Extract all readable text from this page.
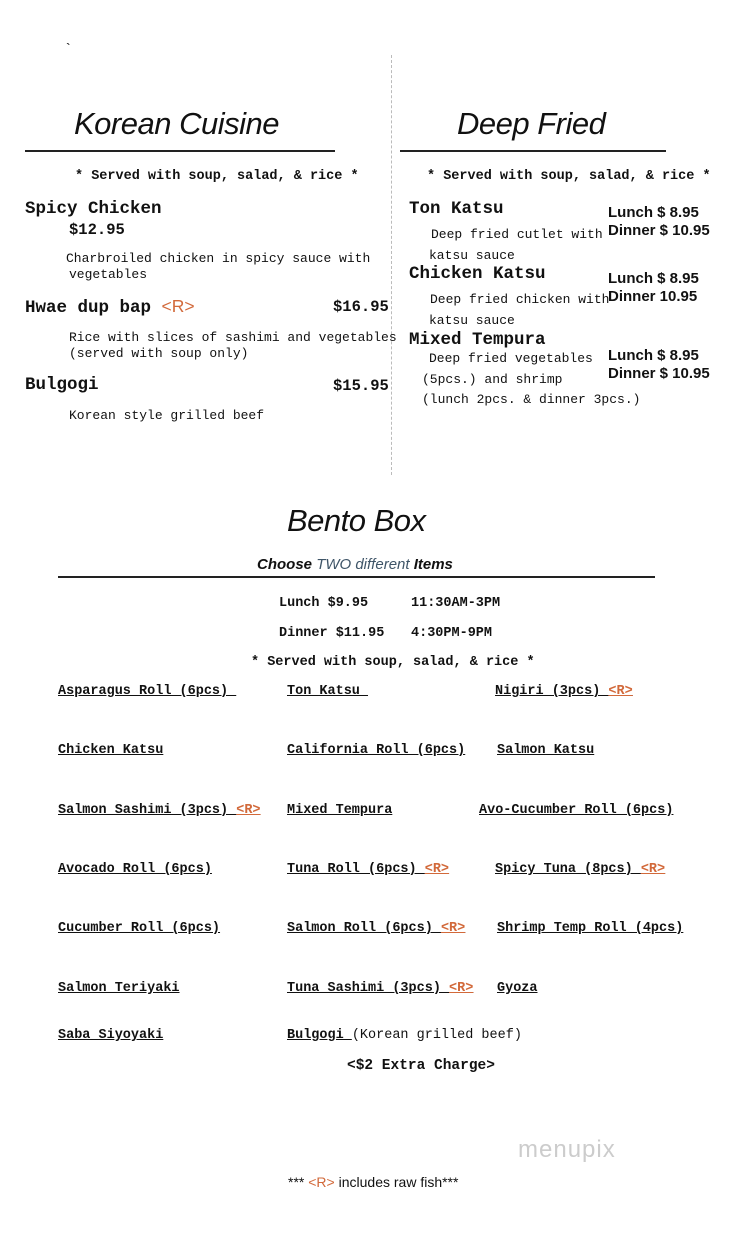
`
Korean Cuisine
* Served with soup, salad, & rice *
Spicy Chicken
$12.95
Charbroiled chicken in spicy sauce with
vegetables
Hwae dup bap <R>	$16.95
Rice with slices of sashimi and vegetables
(served with soup only)
Bulgogi	$15.95
Korean style grilled beef
Deep Fried
* Served with soup, salad, & rice *
Ton Katsu
Deep fried cutlet with
katsu sauce
Lunch $ 8.95
Dinner $ 10.95
Chicken Katsu
Deep fried chicken with
katsu sauce
Lunch $ 8.95
Dinner 10.95
Mixed Tempura
Deep fried vegetables
(5pcs.) and shrimp
(lunch 2pcs. & dinner 3pcs.)
Lunch $ 8.95
Dinner $ 10.95
Bento Box
Choose TWO different Items
Lunch $9.95	11:30AM-3PM
Dinner $11.95 4:30PM-9PM
* Served with soup, salad, & rice *
Asparagus Roll (6pcs)	Ton Katsu	Nigiri (3pcs) <R>
Chicken Katsu	California Roll (6pcs) Salmon Katsu
Salmon Sashimi (3pcs) <R> Mixed Tempura	Avo-Cucumber Roll (6pcs)
Avocado Roll (6pcs)	Tuna Roll (6pcs) <R>	Spicy Tuna (8pcs) <R>
Cucumber Roll (6pcs)	Salmon Roll (6pcs) <R> Shrimp Temp Roll (4pcs)
Salmon Teriyaki	Tuna Sashimi (3pcs) <R> Gyoza
Saba Siyoyaki	Bulgogi (Korean grilled beef)
<$2 Extra Charge>
menupix
*** <R> includes raw fish***
